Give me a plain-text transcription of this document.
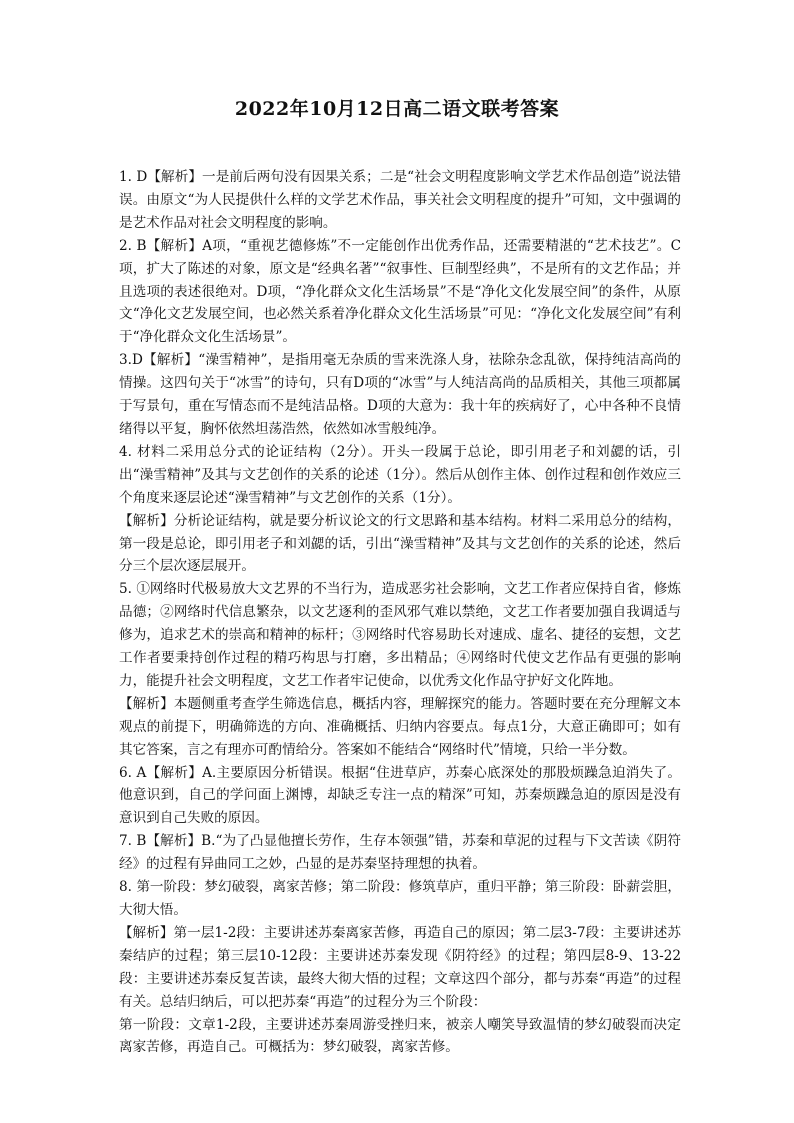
2022年10月12日高二语文联考答案

1. D【解析】一是前后两句没有因果关系；二是“社会文明程度影响文学艺术作品创造”说法错误。由原文“为人民提供什么样的文学艺术作品，事关社会文明程度的提升”可知，文中强调的是艺术作品对社会文明程度的影响。

2. B【解析】A项，“重视艺德修炼”不一定能创作出优秀作品，还需要精湛的“艺术技艺”。C项，扩大了陈述的对象，原文是“经典名著”“叙事性、巨制型经典”，不是所有的文艺作品；并且选项的表述很绝对。D项，“净化群众文化生活场景”不是“净化文化发展空间”的条件，从原文“净化文艺发展空间，也必然关系着净化群众文化生活场景”可见：“净化文化发展空间”有利于“净化群众文化生活场景”。

3.D【解析】“澡雪精神”，是指用毫无杂质的雪来洗涤人身，祛除杂念乱欲，保持纯洁高尚的情操。这四句关于“冰雪”的诗句，只有D项的“冰雪”与人纯洁高尚的品质相关，其他三项都属于写景句，重在写情态而不是纯洁品格。D项的大意为：我十年的疾病好了，心中各种不良情绪得以平复，胸怀依然坦荡浩然，依然如冰雪般纯净。

4. 材料二采用总分式的论证结构（2分）。开头一段属于总论，即引用老子和刘勰的话，引出“澡雪精神”及其与文艺创作的关系的论述（1分）。然后从创作主体、创作过程和创作效应三个角度来逐层论述“澡雪精神”与文艺创作的关系（1分）。

【解析】分析论证结构，就是要分析议论文的行文思路和基本结构。材料二采用总分的结构，第一段是总论，即引用老子和刘勰的话，引出“澡雪精神”及其与文艺创作的关系的论述，然后分三个层次逐层展开。

5. ①网络时代极易放大文艺界的不当行为，造成恶劣社会影响，文艺工作者应保持自省，修炼品德；②网络时代信息繁杂，以文艺逐利的歪风邪气难以禁绝，文艺工作者要加强自我调适与修为，追求艺术的崇高和精神的标杆；③网络时代容易助长对速成、虚名、捷径的妄想，文艺工作者要秉持创作过程的精巧构思与打磨，多出精品；④网络时代使文艺作品有更强的影响力，能提升社会文明程度，文艺工作者牢记使命，以优秀文化作品守护好文化阵地。

【解析】本题侧重考查学生筛选信息，概括内容，理解探究的能力。答题时要在充分理解文本观点的前提下，明确筛选的方向、准确概括、归纳内容要点。每点1分，大意正确即可；如有其它答案，言之有理亦可酌情给分。答案如不能结合“网络时代”情境，只给一半分数。

6. A【解析】A.主要原因分析错误。根据“住进草庐，苏秦心底深处的那股烦躁急迫消失了。他意识到，自己的学问面上渊博，却缺乏专注一点的精深”可知，苏秦烦躁急迫的原因是没有意识到自己失败的原因。

7. B【解析】B.“为了凸显他擅长劳作，生存本领强”错，苏秦和草泥的过程与下文苦读《阴符经》的过程有异曲同工之妙，凸显的是苏秦坚持理想的执着。

8. 第一阶段：梦幻破裂，离家苦修；第二阶段：修筑草庐，重归平静；第三阶段：卧薪尝胆，大彻大悟。

【解析】第一层1-2段：主要讲述苏秦离家苦修，再造自己的原因；第二层3-7段：主要讲述苏秦结庐的过程；第三层10-12段：主要讲述苏秦发现《阴符经》的过程；第四层8-9、13-22段：主要讲述苏秦反复苦读，最终大彻大悟的过程；文章这四个部分，都与苏秦“再造”的过程有关。总结归纳后，可以把苏秦“再造”的过程分为三个阶段：

第一阶段：文章1-2段，主要讲述苏秦周游受挫归来，被亲人嘲笑导致温情的梦幻破裂而决定离家苦修，再造自己。可概括为：梦幻破裂，离家苦修。
